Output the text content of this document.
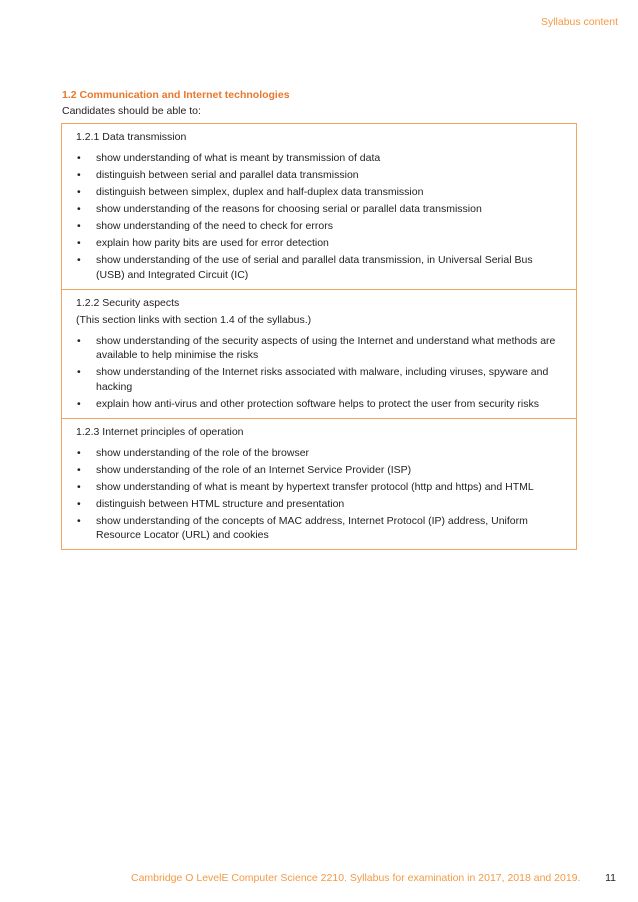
Syllabus content
1.2 Communication and Internet technologies
Candidates should be able to:
1.2.1 Data transmission
• show understanding of what is meant by transmission of data
• distinguish between serial and parallel data transmission
• distinguish between simplex, duplex and half-duplex data transmission
• show understanding of the reasons for choosing serial or parallel data transmission
• show understanding of the need to check for errors
• explain how parity bits are used for error detection
• show understanding of the use of serial and parallel data transmission, in Universal Serial Bus (USB) and Integrated Circuit (IC)
1.2.2 Security aspects
(This section links with section 1.4 of the syllabus.)
• show understanding of the security aspects of using the Internet and understand what methods are available to help minimise the risks
• show understanding of the Internet risks associated with malware, including viruses, spyware and hacking
• explain how anti-virus and other protection software helps to protect the user from security risks
1.2.3 Internet principles of operation
• show understanding of the role of the browser
• show understanding of the role of an Internet Service Provider (ISP)
• show understanding of what is meant by hypertext transfer protocol (http and https) and HTML
• distinguish between HTML structure and presentation
• show understanding of the concepts of MAC address, Internet Protocol (IP) address, Uniform Resource Locator (URL) and cookies
Cambridge O LevelE Computer Science 2210. Syllabus for examination in 2017, 2018 and 2019. 11
